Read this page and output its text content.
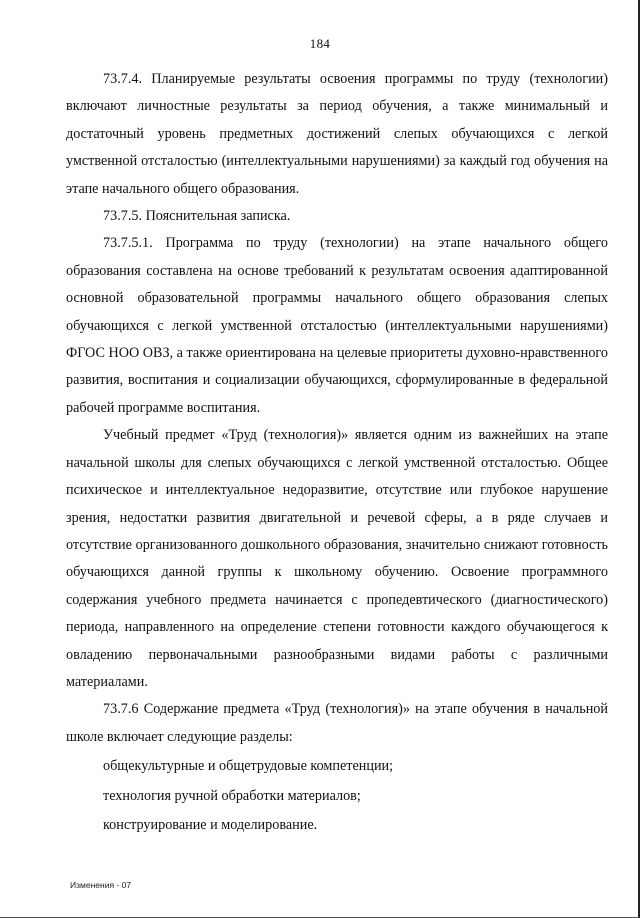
184

73.7.4. Планируемые результаты освоения программы по труду (технологии) включают личностные результаты за период обучения, а также минимальный и достаточный уровень предметных достижений слепых обучающихся с легкой умственной отсталостью (интеллектуальными нарушениями) за каждый год обучения на этапе начального общего образования.

73.7.5. Пояснительная записка.

73.7.5.1. Программа по труду (технологии) на этапе начального общего образования составлена на основе требований к результатам освоения адаптированной основной образовательной программы начального общего образования слепых обучающихся с легкой умственной отсталостью (интеллектуальными нарушениями) ФГОС НОО ОВЗ, а также ориентирована на целевые приоритеты духовно-нравственного развития, воспитания и социализации обучающихся, сформулированные в федеральной рабочей программе воспитания.

Учебный предмет «Труд (технология)» является одним из важнейших на этапе начальной школы для слепых обучающихся с легкой умственной отсталостью. Общее психическое и интеллектуальное недоразвитие, отсутствие или глубокое нарушение зрения, недостатки развития двигательной и речевой сферы, а в ряде случаев и отсутствие организованного дошкольного образования, значительно снижают готовность обучающихся данной группы к школьному обучению. Освоение программного содержания учебного предмета начинается с пропедевтического (диагностического) периода, направленного на определение степени готовности каждого обучающегося к овладению первоначальными разнообразными видами работы с различными материалами.

73.7.6 Содержание предмета «Труд (технология)» на этапе обучения в начальной школе включает следующие разделы:

общекультурные и общетрудовые компетенции;

технология ручной обработки материалов;

конструирование и моделирование.

Изменения - 07
